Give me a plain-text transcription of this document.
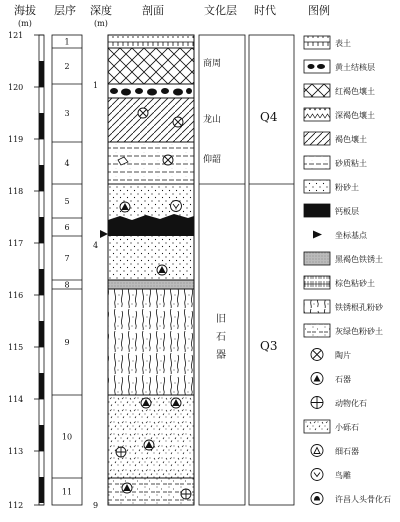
海拔
(m)
层序 深度
(m)
剖面	文化层 时代	图例
121
120
119
118
117
116
115
114
113
112
1
2
3
4
5
6
7
8
9
10
11
1
4
9
商周
龙山
仰韶
旧
石
器
Q4
Q3
表土
黄土结核层
红褐色壤土
深褐色壤土
褐色壤土
砂质粘土
粉砂土
钙板层
坐标基点
黑褐色铁锈土
棕色粘砂土
铁锈根孔粉砂
灰绿色粉砂土
陶片
石器
动物化石
小砾石
细石器
鸟雕
许昌人头骨化石
